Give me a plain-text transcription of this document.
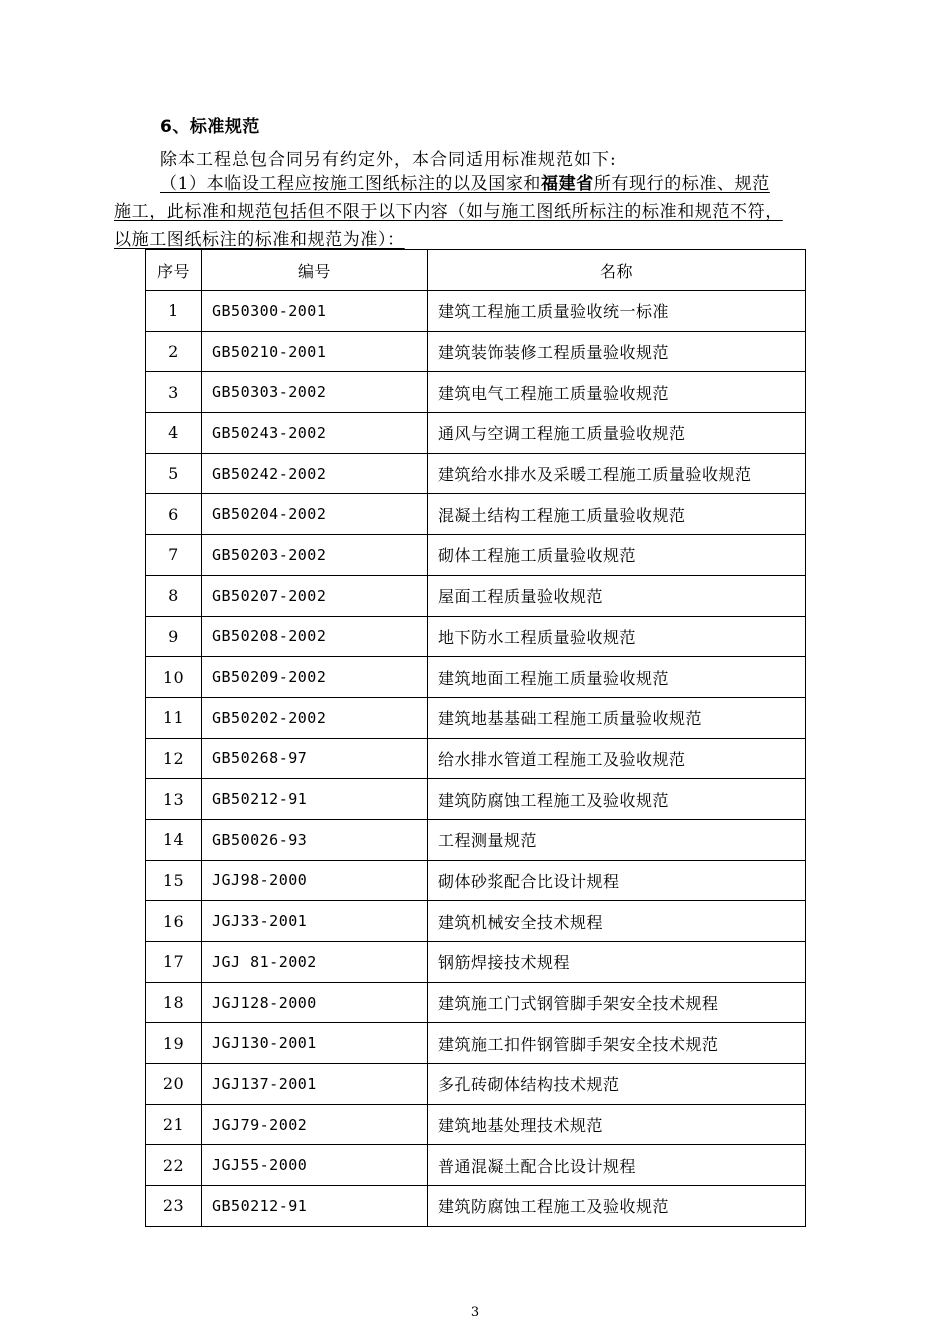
6、标准规范
除本工程总包合同另有约定外，本合同适用标准规范如下:
（1）本临设工程应按施工图纸标注的以及国家和福建省所有现行的标准、规范
施工，此标准和规范包括但不限于以下内容（如与施工图纸所标注的标准和规范不符，
以施工图纸标注的标准和规范为准）：
序号	编号	名称
1	GB50300-2001	建筑工程施工质量验收统一标准
2	GB50210-2001	建筑装饰装修工程质量验收规范
3	GB50303-2002	建筑电气工程施工质量验收规范
4	GB50243-2002	通风与空调工程施工质量验收规范
5	GB50242-2002	建筑给水排水及采暖工程施工质量验收规范
6	GB50204-2002	混凝土结构工程施工质量验收规范
7	GB50203-2002	砌体工程施工质量验收规范
8	GB50207-2002	屋面工程质量验收规范
9	GB50208-2002	地下防水工程质量验收规范
10	GB50209-2002	建筑地面工程施工质量验收规范
11	GB50202-2002	建筑地基基础工程施工质量验收规范
12	GB50268-97	给水排水管道工程施工及验收规范
13	GB50212-91	建筑防腐蚀工程施工及验收规范
14	GB50026-93	工程测量规范
15	JGJ98-2000	砌体砂浆配合比设计规程
16	JGJ33-2001	建筑机械安全技术规程
17	JGJ 81-2002	钢筋焊接技术规程
18	JGJ128-2000	建筑施工门式钢管脚手架安全技术规程
19	JGJ130-2001	建筑施工扣件钢管脚手架安全技术规范
20	JGJ137-2001	多孔砖砌体结构技术规范
21	JGJ79-2002	建筑地基处理技术规范
22	JGJ55-2000	普通混凝土配合比设计规程
23	GB50212-91	建筑防腐蚀工程施工及验收规范
3
